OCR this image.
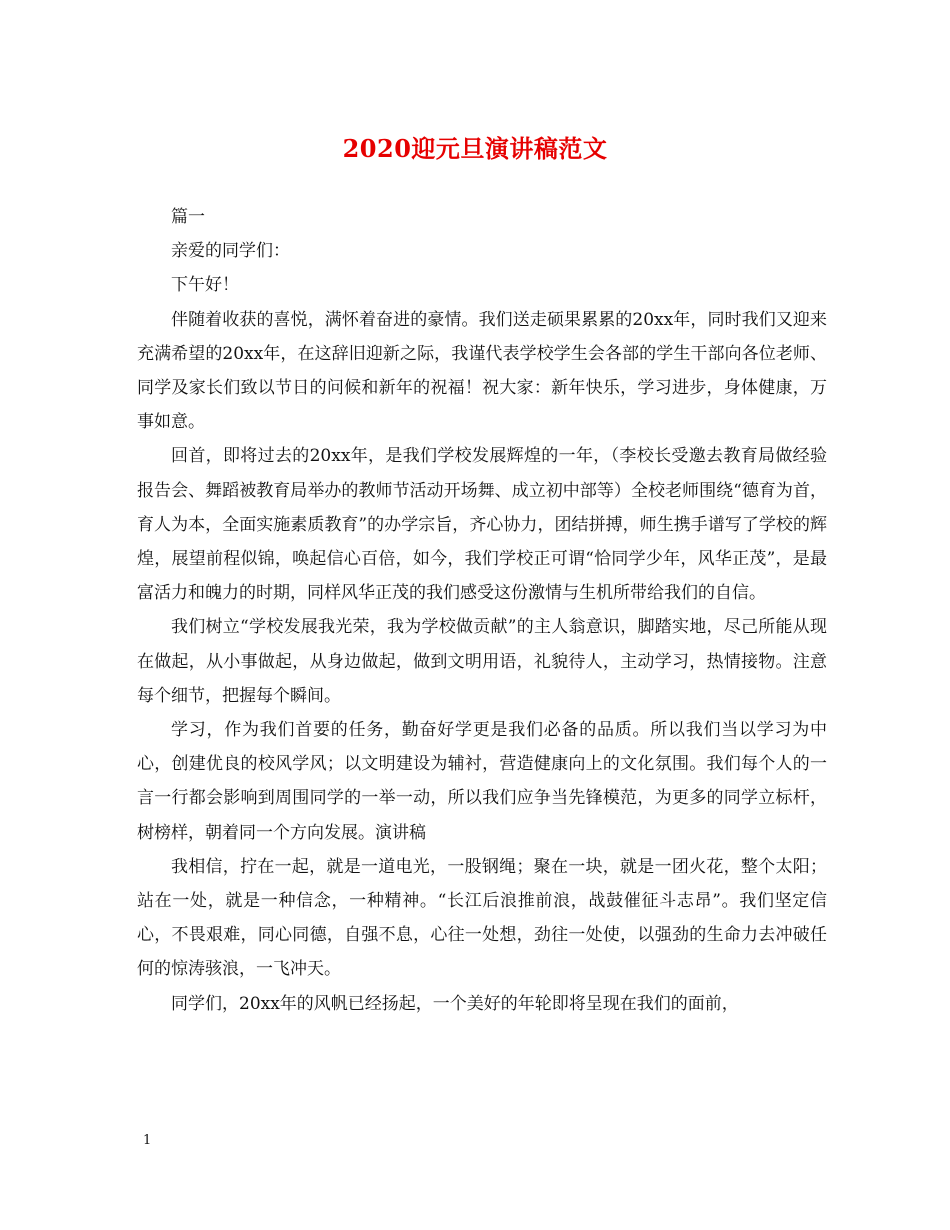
2020迎元旦演讲稿范文

篇一

亲爱的同学们：

下午好！

伴随着收获的喜悦，满怀着奋进的豪情。我们送走硕果累累的20xx年，同时我们又迎来充满希望的20xx年，在这辞旧迎新之际，我谨代表学校学生会各部的学生干部向各位老师、同学及家长们致以节日的问候和新年的祝福！祝大家：新年快乐，学习进步，身体健康，万事如意。

回首，即将过去的20xx年，是我们学校发展辉煌的一年，（李校长受邀去教育局做经验报告会、舞蹈被教育局举办的教师节活动开场舞、成立初中部等）全校老师围绕“德育为首，育人为本，全面实施素质教育”的办学宗旨，齐心协力，团结拼搏，师生携手谱写了学校的辉煌，展望前程似锦，唤起信心百倍，如今，我们学校正可谓“恰同学少年，风华正茂”，是最富活力和魄力的时期，同样风华正茂的我们感受这份激情与生机所带给我们的自信。

我们树立“学校发展我光荣，我为学校做贡献”的主人翁意识，脚踏实地，尽己所能从现在做起，从小事做起，从身边做起，做到文明用语，礼貌待人，主动学习，热情接物。注意每个细节，把握每个瞬间。

学习，作为我们首要的任务，勤奋好学更是我们必备的品质。所以我们当以学习为中心，创建优良的校风学风；以文明建设为辅衬，营造健康向上的文化氛围。我们每个人的一言一行都会影响到周围同学的一举一动，所以我们应争当先锋模范，为更多的同学立标杆，树榜样，朝着同一个方向发展。演讲稿

我相信，拧在一起，就是一道电光，一股钢绳；聚在一块，就是一团火花，整个太阳；站在一处，就是一种信念，一种精神。“长江后浪推前浪，战鼓催征斗志昂”。我们坚定信心，不畏艰难，同心同德，自强不息，心往一处想，劲往一处使，以强劲的生命力去冲破任何的惊涛骇浪，一飞冲天。

同学们，20xx年的风帆已经扬起，一个美好的年轮即将呈现在我们的面前，

1
